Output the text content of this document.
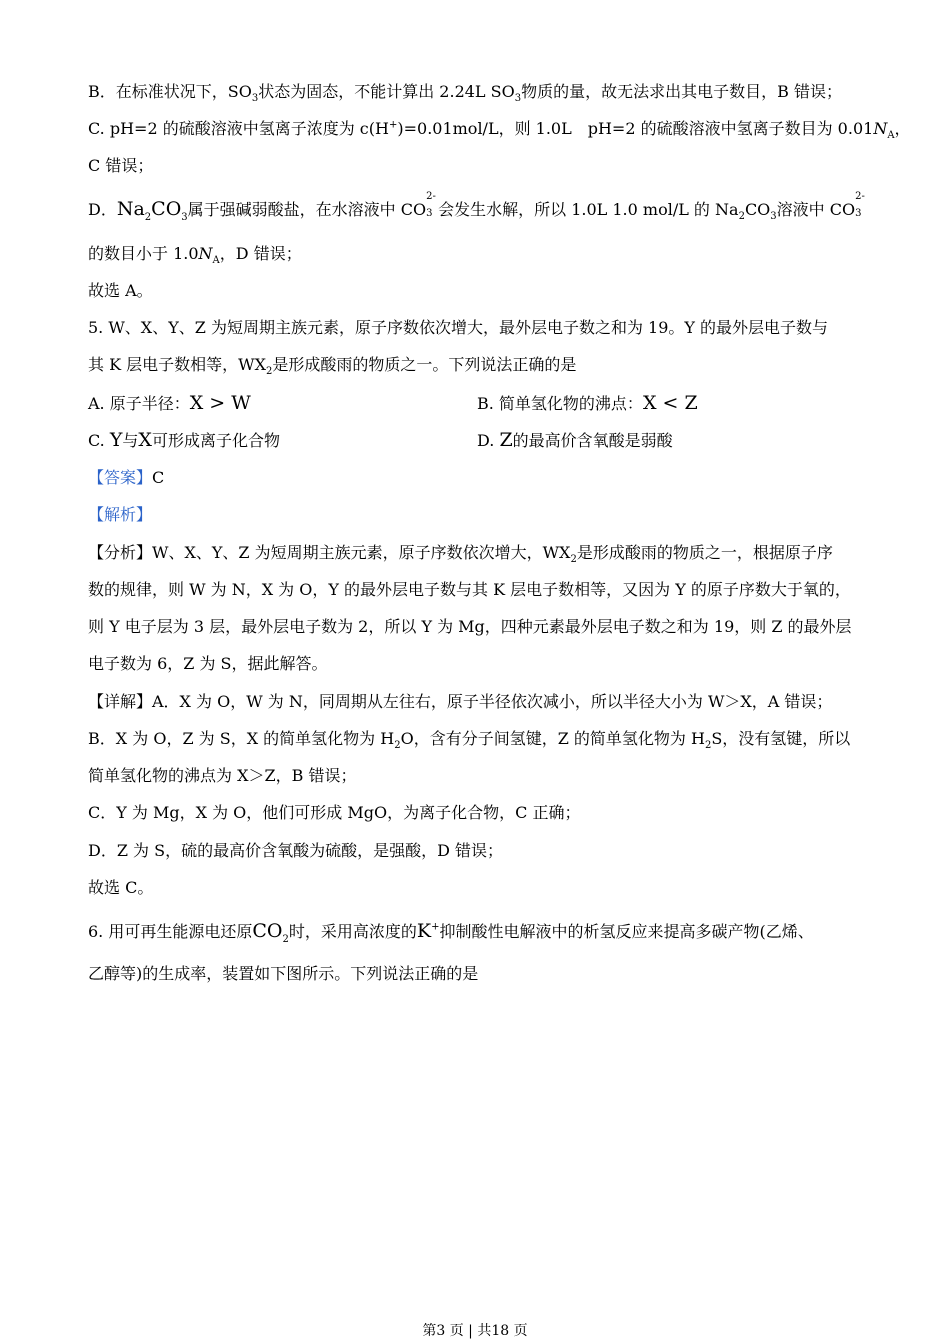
B．在标准状况下，$SO_3$状态为固态，不能计算出 2.24L $SO_3$物质的量，故无法求出其电子数目，B 错误；
C. pH=2 的硫酸溶液中氢离子浓度为 c(H+)=0.01mol/L，则 1.0L　pH=2 的硫酸溶液中氢离子数目为 $0.01N_A$，
C 错误；
D．$Na_2CO_3$属于强碱弱酸盐，在水溶液中 CO
2-
3 会发生水解，所以 1.0L 1.0 mol/L 的 $Na_2CO_3$溶液中 CO
2-
3
的数目小于 $1.0N_A$，D 错误；
故选 A。
5. W、X、Y、Z 为短周期主族元素，原子序数依次增大，最外层电子数之和为 19。Y 的最外层电子数与
其 K 层电子数相等，$WX_2$是形成酸雨的物质之一。下列说法正确的是
A. 原子半径：X > W	B. 简单氢化物的沸点：X < Z
C. Y与X可形成离子化合物	D. Z的最高价含氧酸是弱酸
【答案】C
【解析】
【分析】W、X、Y、Z 为短周期主族元素，原子序数依次增大，$WX_2$是形成酸雨的物质之一，根据原子序
数的规律，则 W 为 N，X 为 O，Y 的最外层电子数与其 K 层电子数相等，又因为 Y 的原子序数大于氧的，
则 Y 电子层为 3 层，最外层电子数为 2，所以 Y 为 Mg，四种元素最外层电子数之和为 19，则 Z 的最外层
电子数为 6，Z 为 S，据此解答。
【详解】A．X 为 O，W 为 N，同周期从左往右，原子半径依次减小，所以半径大小为 W＞X，A 错误；
B．X 为 O，Z 为 S，X 的简单氢化物为 $H_2O$，含有分子间氢键，Z 的简单氢化物为 $H_2S$，没有氢键，所以
简单氢化物的沸点为 X＞Z，B 错误；
C．Y 为 Mg，X 为 O，他们可形成 MgO，为离子化合物，C 正确；
D．Z 为 S，硫的最高价含氧酸为硫酸，是强酸，D 错误；
故选 C。
6. 用可再生能源电还原$CO_2$时，采用高浓度的K+抑制酸性电解液中的析氢反应来提高多碳产物(乙烯、
乙醇等)的生成率，装置如下图所示。下列说法正确的是
第3 页 | 共18 页
